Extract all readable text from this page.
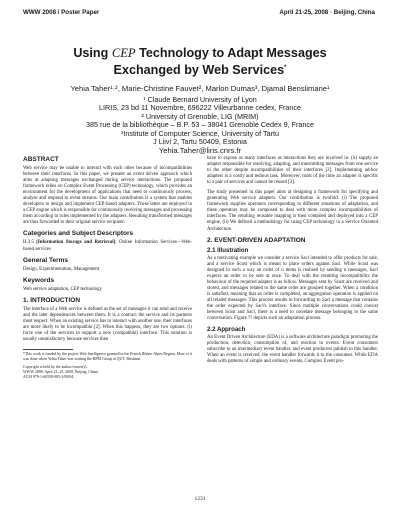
WWW 2008 / Poster Paper	April 21-25, 2008 · Beijing, China
Using CEP Technology to Adapt Messages
Exchanged by Web Services*
Yehia Taher¹·², Marie-Christine Fauvet², Marlon Dumas³, Djamal Benslimane¹
¹ Claude Bernard University of Lyon
LIRIS, 23 bd 11 Novembre, 696222 Villeurbanne cedex, France
² University of Grenoble, LIG (MRIM)
385 rue de la bibliothèque – B.P. 53 – 38041 Grenoble Cedex 9, France
³Institute of Computer Science, University of Tartu
J Liivi 2, Tartu 50409, Estonia
Yehia.Taher@liris.cnrs.fr
ABSTRACT
Web service may be unable to interact with each other because of incompatibilities between their interfaces. In this paper, we present an event driven approach which aims at adapting messages exchanged during service interactions. The proposed framework relies on Complex Event Processing (CEP) technology, which provides an environment for the development of applications that need to continuously process, analyse and respond to event streams. Our main contribution is a system that enables developers to design and implement CEP-based adapters. These latter are deployed in a CEP engine which is responsible for continuously receiving messages and processing them according to rules implemented by the adapters. Resulting transformed messages are thus forwarded to their original service recipient.
Categories and Subject Descriptors
H.3.5 [Information Storage and Retrieval]: Online Information Services—Web-based services
General Terms
Design, Experimentation, Management
Keywords
Web service adaptation, CEP technology
1. INTRODUCTION
The interface of a Web service is defined as the set of messages it can send and receive and the later dependencies between them. It is a contract the service and its partners must respect. When an existing service has to interact with another one, their interfaces are more likely to be incompatible [2]. When this happens, they are two options: (i) force one of the services to support a new (compatible) interface. This solution is usually unsatisfactory because services then

*This work is funded by the project Web Intelligence granted by the French Rhône-Alpes Region. Most of it was done when Yehia Taher was visiting the BPM Group at QUT, Brisbane.

Copyright is held by the author/owner(s).

WWW 2008, April 21–25, 2008, Beijing, China.

ACM 978-1-60558-085-2/08/04.

have to expose as many interfaces as interactions they are involved in. (ii) supply an adapter responsible for resolving, adapting, and transmitting messages from one service to the other despite incompatibilities of their interfaces [2]. Implementing ad-hoc adapters is a costly and tedious task. Moreover, most of the time an adapter is specific to a pair of services and cannot be reused [2].
The study presented in this paper aims at designing a framework for specifying and generating Web service adapters. Our contribution is twofold: (i) The proposed framework supplies operators corresponding to different situations of adaptation, and these operators may be composed to deal with more complex incompatibilities of interfaces. The resulting reusable mapping is then compiled and deployed into a CEP engine. (ii) We defined a methodology for using CEP technology in a Service Oriented Architecture.
2. EVENT-DRIVEN ADAPTATION
2.1 Illustration
As a motivating example we consider a service Sacl intended to offer products for sale, and a service Scust which is meant to place orders against Sacl. While Scust was designed in such a way an order of n items is realised by sending n messages, Sacl expects an order to be sent at once. To deal with the resulting incompatibility the behaviour of the required adapter is as follow. Messages sent by Scust are received and stored, and messages related to the same order are grouped together. When a condition is satisfied, meaning that an order is completed, an aggregation operation is applied on all related messages. This process results in forwarding to Sacl a message that contains the order expected by Sacl's interface. Since multiple conversations could coexist between Scust and Sacl, there is a need to correlate message belonging to the same conversation. Figure ?? depicts such an adaptation process.
2.2 Approach
An Event Driven Architecture (EDA) is a software architecture paradigm promoting the production, detection, consumption of, and reaction to events. Event consumers subscribe to an intermediary event handler, and event producers publish to this handler. When an event is received, the event handler forwards it to the consumer. While EDA deals with patterns of simple and ordinary events, Complex Event pro-
1231
